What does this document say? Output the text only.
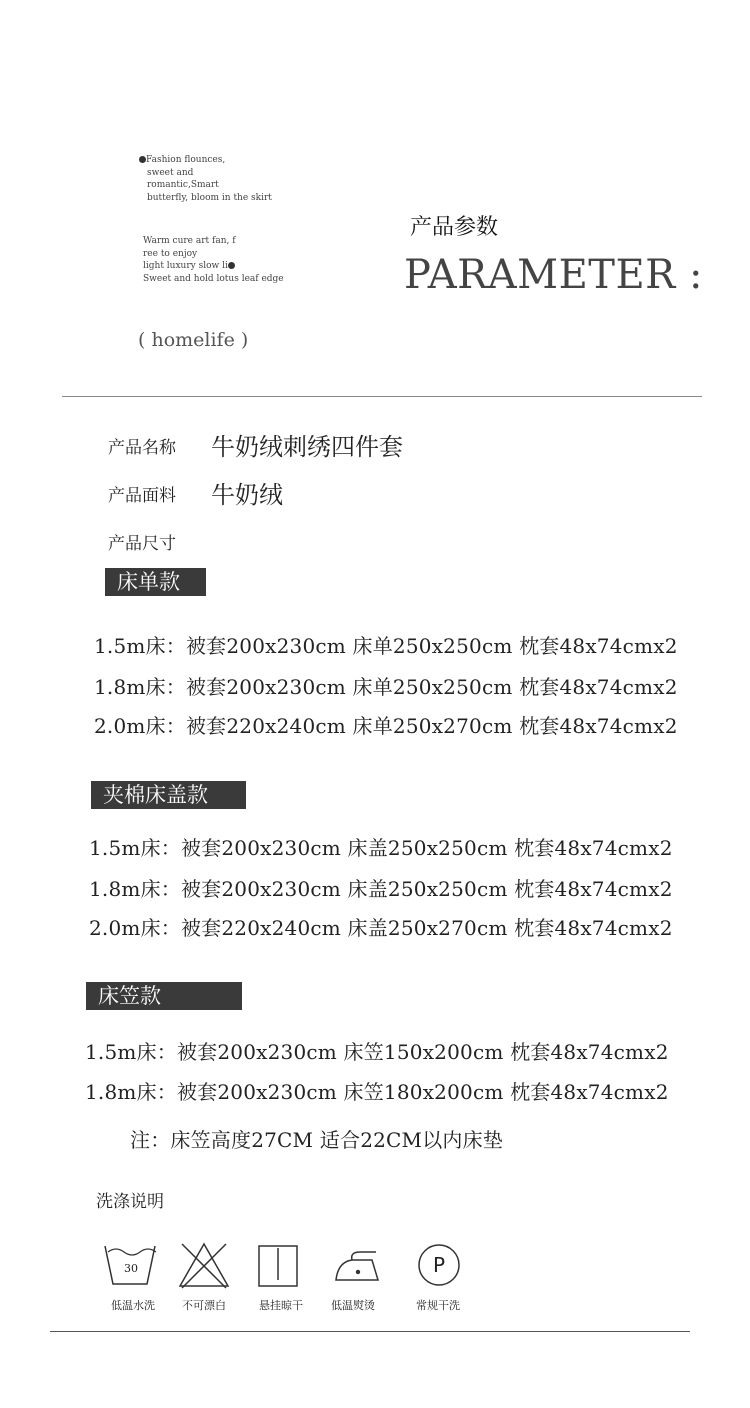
Fashion flounces,
sweet and
romantic,Smart
butterfly, bloom in the skirt
Warm cure art fan, f
ree to enjoy
light luxury slow li
Sweet and hold lotus leaf edge
产品参数
PARAMETER :
( homelife )
产品名称 牛奶绒刺绣四件套
产品面料 牛奶绒
产品尺寸
床单款
1.5m床：被套200x230cm 床单250x250cm 枕套48x74cmx2
1.8m床：被套200x230cm 床单250x250cm 枕套48x74cmx2
2.0m床：被套220x240cm 床单250x270cm 枕套48x74cmx2
夹棉床盖款
1.5m床：被套200x230cm 床盖250x250cm 枕套48x74cmx2
1.8m床：被套200x230cm 床盖250x250cm 枕套48x74cmx2
2.0m床：被套220x240cm 床盖250x270cm 枕套48x74cmx2
床笠款
1.5m床：被套200x230cm 床笠150x200cm 枕套48x74cmx2
1.8m床：被套200x230cm 床笠180x200cm 枕套48x74cmx2
注：床笠高度27CM 适合22CM以内床垫
洗涤说明
30
低温水洗	不可漂白	悬挂晾干	低温熨烫
P
常规干洗
